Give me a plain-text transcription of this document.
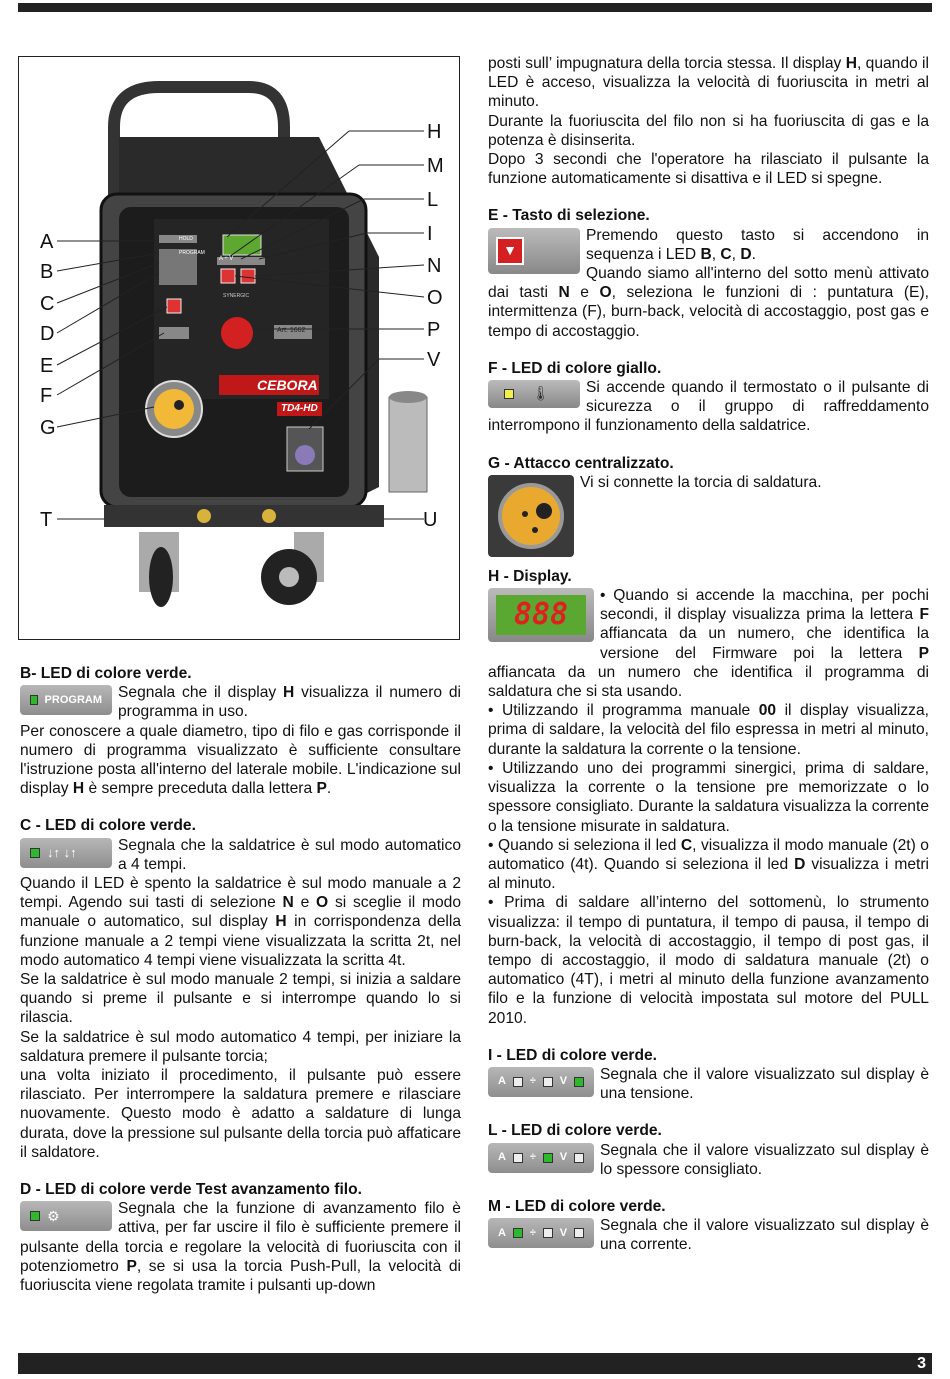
A
B
C
D
E
F
G
T
H
M
L
I
N
O
P
V
U
HOLD
PROGRAM
A ÷ V
SYNERGIC
Art. 1662
CEBORA
TD4-HD

posti sull’ impugnatura della torcia stessa. Il display H, quando il LED è acceso, visualizza la velocità di fuoriuscita in metri al minuto.

Durante la fuoriuscita del filo non si ha fuoriuscita di gas e la potenza è disinserita.

Dopo 3 secondi che l'operatore ha rilasciato il pulsante la funzione automaticamente si disattiva e il LED si spegne.

E - Tasto di selezione.
▼

Premendo questo tasto si accendono in sequenza i LED B, C, D.
Quando siamo all'interno del sotto menù attivato dai tasti N e O, seleziona le funzioni di : puntatura (E), intermittenza (F), burn-back, velocità di accostaggio, post gas e tempo di accostaggio.

F - LED di colore giallo.
🌡	Si accende quando il termostato o il pulsante di sicurezza o il gruppo di raffreddamento interrompono il funzionamento della saldatrice.

G - Attacco centralizzato.

Vi si connette la torcia di saldatura.

H - Display.
888

• Quando si accende la macchina, per pochi secondi, il display visualizza prima la lettera F affiancata da un numero, che identifica la versione del Firmware poi la lettera P affiancata da un numero che identifica il programma di saldatura che si sta usando.

• Utilizzando il programma manuale 00 il display visualizza, prima di saldare, la velocità del filo espressa in metri al minuto, durante la saldatura la corrente o la tensione.

• Utilizzando uno dei programmi sinergici, prima di saldare, visualizza la corrente o la tensione pre memorizzate o lo spessore consigliato. Durante la saldatura visualizza la corrente o la tensione misurate in saldatura.

• Quando si seleziona il led C, visualizza il modo manuale (2t) o automatico (4t). Quando si seleziona il led D visualizza i metri al minuto.

• Prima di saldare all’interno del sottomenù, lo strumento visualizza: il tempo di puntatura, il tempo di pausa, il tempo di burn-back, la velocità di accostaggio, il tempo di post gas, il tempo di accostaggio, il modo di saldatura manuale (2t) o automatico (4T), i metri al minuto della funzione avanzamento filo e la funzione di velocità impostata sul motore del PULL 2010.

I - LED di colore verde.
A ÷ V	Segnala che il valore visualizzato sul display è una tensione.

L - LED di colore verde.
A ÷ V	Segnala che il valore visualizzato sul display è lo spessore consigliato.

M - LED di colore verde.
A ÷ V	Segnala che il valore visualizzato sul display è una corrente.

B- LED di colore verde.
PROGRAM	Segnala che il display H visualizza il numero di programma in uso.

Per conoscere a quale diametro, tipo di filo e gas corrisponde il numero di programma visualizzato è sufficiente consultare l'istruzione posta all'interno del laterale mobile. L'indicazione sul display H è sempre preceduta dalla lettera P.

C - LED di colore verde.
↓↑ ↓↑	Segnala che la saldatrice è sul modo automatico a 4 tempi.

Quando il LED è spento la saldatrice è sul modo manuale a 2 tempi. Agendo sui tasti di selezione N e O si sceglie il modo manuale o automatico, sul display H in corrispondenza della funzione manuale a 2 tempi viene visualizzata la scritta 2t, nel modo automatico 4 tempi viene visualizzata la scritta 4t.

Se la saldatrice è sul modo manuale 2 tempi, si inizia a saldare quando si preme il pulsante e si interrompe quando lo si rilascia.

Se la saldatrice è sul modo automatico 4 tempi, per iniziare la saldatura premere il pulsante torcia;

una volta iniziato il procedimento, il pulsante può essere rilasciato. Per interrompere la saldatura premere e rilasciare nuovamente. Questo modo è adatto a saldature di lunga durata, dove la pressione sul pulsante della torcia può affaticare il saldatore.

D - LED di colore verde Test avanzamento filo.
⚙	Segnala che la funzione di avanzamento filo è attiva, per far uscire il filo è sufficiente premere il pulsante della torcia e regolare la velocità di fuoriuscita con il potenziometro P, se si usa la torcia Push-Pull, la velocità di fuoriuscita viene regolata tramite i pulsanti up-down

3
